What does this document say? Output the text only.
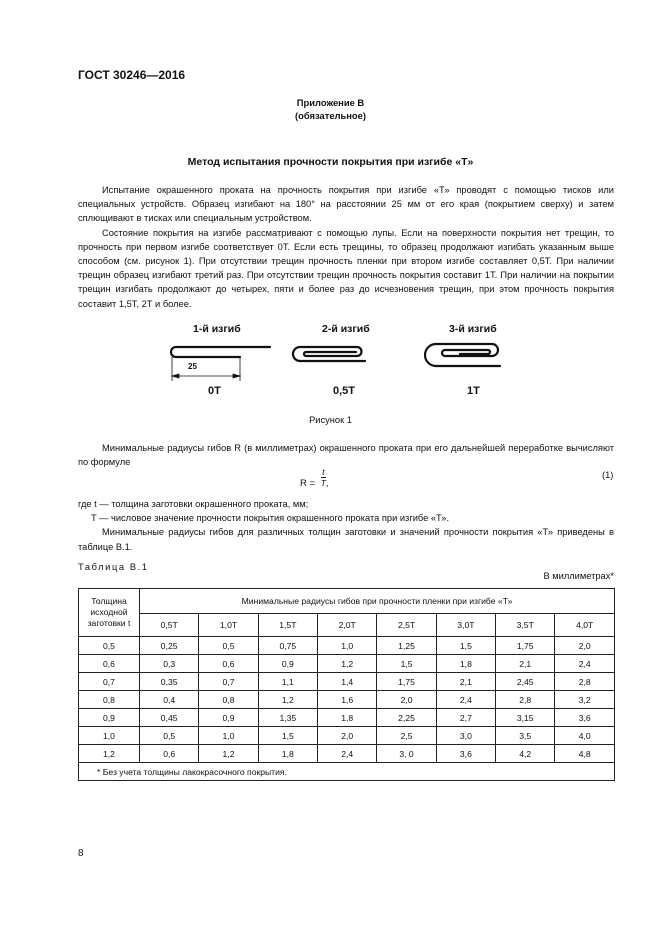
ГОСТ 30246—2016
Приложение В
(обязательное)
Метод испытания прочности покрытия при изгибе «Т»

Испытание окрашенного проката на прочность покрытия при изгибе «Т» проводят с помощью тисков или специальных устройств. Образец изгибают на 180° на расстоянии 25 мм от его края (покрытием сверху) и затем сплющивают в тисках или специальным устройством.

Состояние покрытия на изгибе рассматривают с помощью лупы. Если на поверхности покрытия нет трещин, то прочность при первом изгибе соответствует 0Т. Если есть трещины, то образец продолжают изгибать указанным выше способом (см. рисунок 1). При отсутствии трещин прочность пленки при втором изгибе составляет 0,5Т. При наличии трещин образец изгибают третий раз. При отсутствии трещин прочность покрытия составит 1Т. При наличии на покрытии трещин изгибать продолжают до четырех, пяти и более раз до исчезновения трещин, при этом прочность покрытия составит 1,5Т, 2Т и более.

1-й изгиб	2-й изгиб	3-й изгиб
25
0Т	0,5Т	1Т
Рисунок 1

Минимальные радиусы гибов R (в миллиметрах) окрашенного проката при его дальнейшей переработке вычисляют по формуле

$R = \frac{t}{T}$ ,
(1)

где t — толщина заготовки окрашенного проката, мм;

T — числовое значение прочности покрытия окрашенного проката при изгибе «Т».

Минимальные радиусы гибов для различных толщин заготовки и значений прочности покрытия «Т» приведены в таблице В.1.

Таблица В.1
В миллиметрах*
Толщина исходной заготовки t	Минимальные радиусы гибов при прочности пленки при изгибе «Т»							
	0,5Т	1,0Т	1,5Т	2,0Т	2,5Т	3,0Т	3,5Т	4,0Т
0,5	0,25	0,5	0,75	1,0	1,25	1,5	1,75	2,0
0,6	0,3	0,6	0,9	1,2	1,5	1,8	2,1	2,4
0,7	0,35	0,7	1,1	1,4	1,75	2,1	2,45	2,8
0,8	0,4	0,8	1,2	1,6	2,0	2,4	2,8	3,2
0,9	0,45	0,9	1,35	1,8	2,25	2,7	3,15	3,6
1,0	0,5	1,0	1,5	2,0	2,5	3,0	3,5	4,0
1,2	0,6	1,2	1,8	2,4	3, 0	3,6	4,2	4,8
* Без учета толщины лакокрасочного покрытия.								
8
